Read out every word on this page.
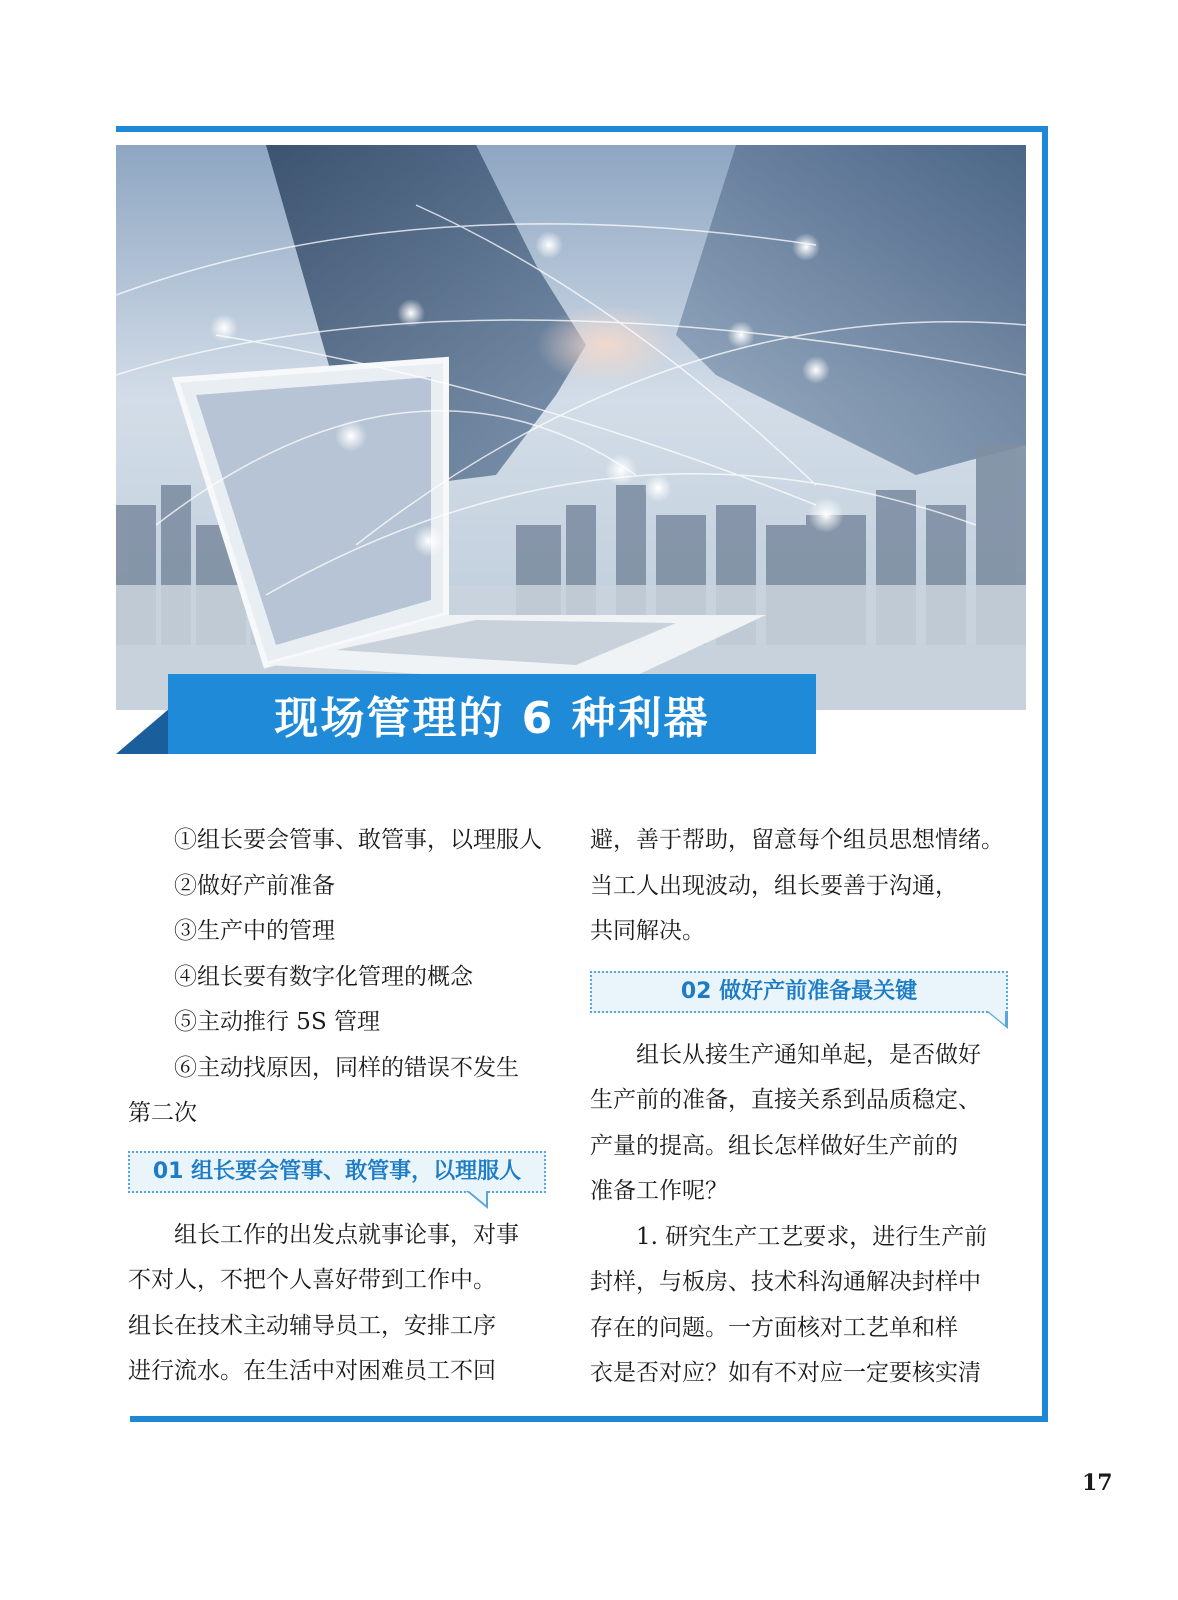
现场管理的 6 种利器

①组长要会管事、敢管事，以理服人

②做好产前准备

③生产中的管理

④组长要有数字化管理的概念

⑤主动推行 5S 管理

⑥主动找原因，同样的错误不发生

第二次

01 组长要会管事、敢管事，以理服人

组长工作的出发点就事论事，对事

不对人，不把个人喜好带到工作中。

组长在技术主动辅导员工，安排工序

进行流水。在生活中对困难员工不回

避，善于帮助，留意每个组员思想情绪。

当工人出现波动，组长要善于沟通，

共同解决。

02 做好产前准备最关键

组长从接生产通知单起，是否做好

生产前的准备，直接关系到品质稳定、

产量的提高。组长怎样做好生产前的

准备工作呢？

1. 研究生产工艺要求，进行生产前

封样，与板房、技术科沟通解决封样中

存在的问题。一方面核对工艺单和样

衣是否对应？如有不对应一定要核实清

17
